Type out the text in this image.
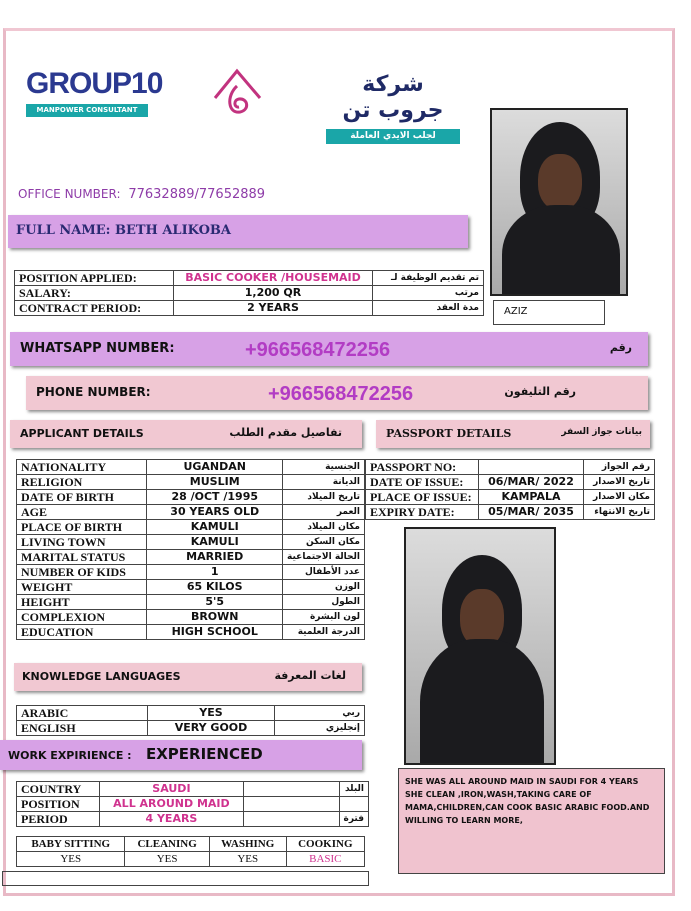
GROUP10
MANPOWER CONSULTANT
شركة جروب تن
لجلب الايدي العاملة
AZIZ
OFFICE NUMBER: 77632889/77652889
FULL NAME: BETH ALIKOBA
POSITION APPLIED:	BASIC COOKER /HOUSEMAID	تم تقديم الوظيفة لـ
SALARY:	1,200 QR	مرتب
CONTRACT PERIOD:	2 YEARS	مدة العقد
WHATSAPP NUMBER:	+966568472256	رقم
PHONE NUMBER:	+966568472256	رقم التليفون
APPLICANT DETAILS	تفاصيل مقدم الطلب	PASSPORT DETAILS	بيانات جواز السفر
NATIONALITY	UGANDAN	الجنسية
RELIGION	MUSLIM	الديانة
DATE OF BIRTH	28 /OCT /1995	تاريخ الميلاد
AGE	30 YEARS OLD	العمر
PLACE OF BIRTH	KAMULI	مكان الميلاد
LIVING TOWN	KAMULI	مكان السكن
MARITAL STATUS	MARRIED	الحالة الاجتماعية
NUMBER OF KIDS	1	عدد الأطفال
WEIGHT	65 KILOS	الوزن
HEIGHT	5'5	الطول
COMPLEXION	BROWN	لون البشرة
EDUCATION	HIGH SCHOOL	الدرجة العلمية
PASSPORT NO:		رقم الجواز
DATE OF ISSUE:	06/MAR/ 2022	تاريخ الاصدار
PLACE OF ISSUE:	KAMPALA	مكان الاصدار
EXPIRY DATE:	05/MAR/ 2035	تاريخ الانتهاء
KNOWLEDGE LANGUAGES	لغات المعرفة
ARABIC	YES	ربي
ENGLISH	VERY GOOD	إنجليزي
WORK EXPIRIENCE : EXPERIENCED
COUNTRY	SAUDI		البلد
POSITION	ALL AROUND MAID		
PERIOD	4 YEARS		فترة
BABY SITTING	CLEANING	WASHING	COOKING
YES	YES	YES	BASIC
SHE WAS ALL AROUND MAID IN SAUDI FOR 4 YEARS SHE CLEAN ,IRON,WASH,TAKING CARE OF MAMA,CHILDREN,CAN COOK BASIC ARABIC FOOD.AND WILLING TO LEARN MORE,
